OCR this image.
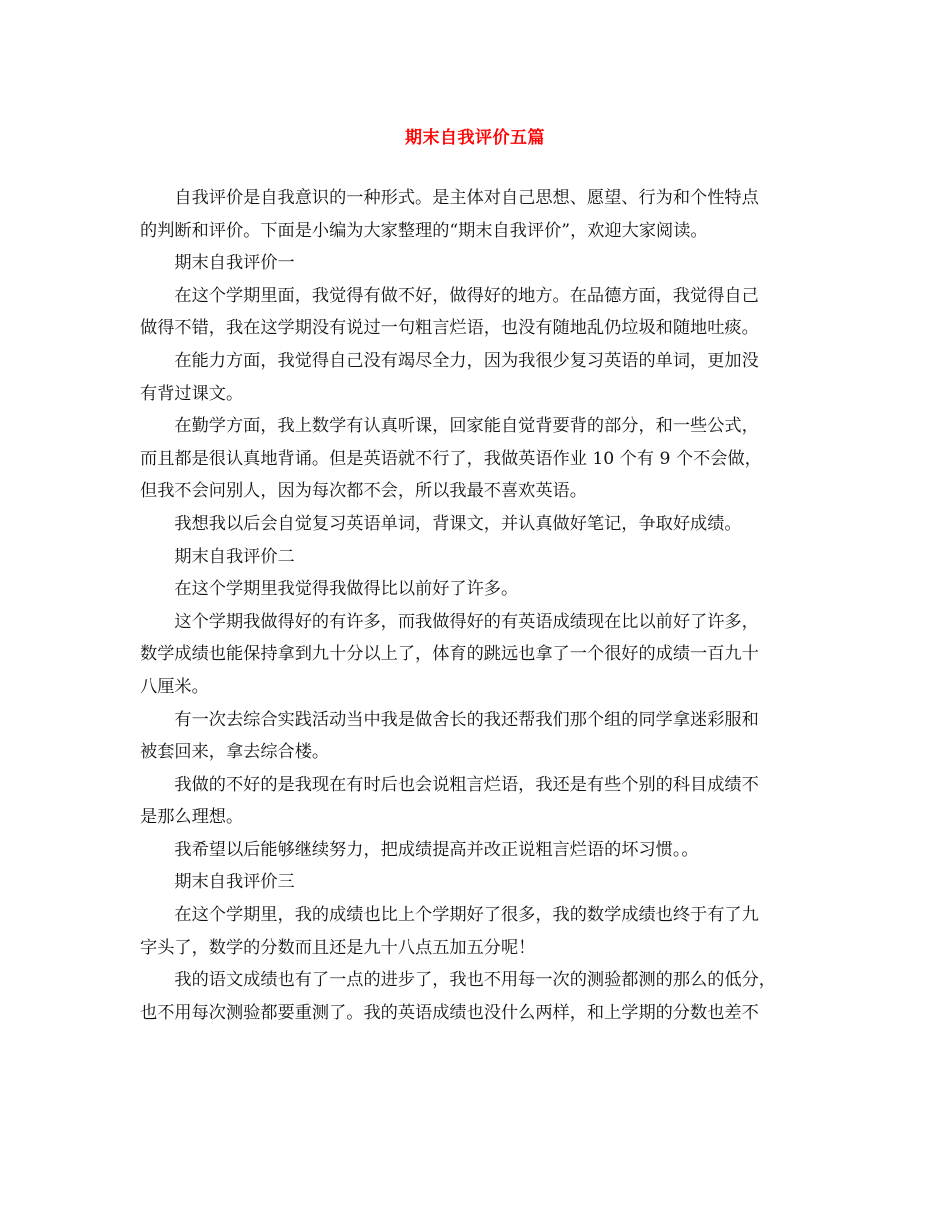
期末自我评价五篇
自我评价是自我意识的一种形式。是主体对自己思想、愿望、行为和个性特点
的判断和评价。下面是小编为大家整理的“期末自我评价”，欢迎大家阅读。
期末自我评价一
在这个学期里面，我觉得有做不好，做得好的地方。在品德方面，我觉得自己
做得不错，我在这学期没有说过一句粗言烂语，也没有随地乱仍垃圾和随地吐痰。
在能力方面，我觉得自己没有竭尽全力，因为我很少复习英语的单词，更加没
有背过课文。
在勤学方面，我上数学有认真听课，回家能自觉背要背的部分，和一些公式，
而且都是很认真地背诵。但是英语就不行了，我做英语作业 10 个有 9 个不会做，
但我不会问别人，因为每次都不会，所以我最不喜欢英语。
我想我以后会自觉复习英语单词，背课文，并认真做好笔记，争取好成绩。
期末自我评价二
在这个学期里我觉得我做得比以前好了许多。
这个学期我做得好的有许多，而我做得好的有英语成绩现在比以前好了许多，
数学成绩也能保持拿到九十分以上了，体育的跳远也拿了一个很好的成绩一百九十
八厘米。
有一次去综合实践活动当中我是做舍长的我还帮我们那个组的同学拿迷彩服和
被套回来，拿去综合楼。
我做的不好的是我现在有时后也会说粗言烂语，我还是有些个别的科目成绩不
是那么理想。
我希望以后能够继续努力，把成绩提高并改正说粗言烂语的坏习惯。。
期末自我评价三
在这个学期里，我的成绩也比上个学期好了很多，我的数学成绩也终于有了九
字头了，数学的分数而且还是九十八点五加五分呢！
我的语文成绩也有了一点的进步了，我也不用每一次的测验都测的那么的低分，
也不用每次测验都要重测了。我的英语成绩也没什么两样，和上学期的分数也差不
